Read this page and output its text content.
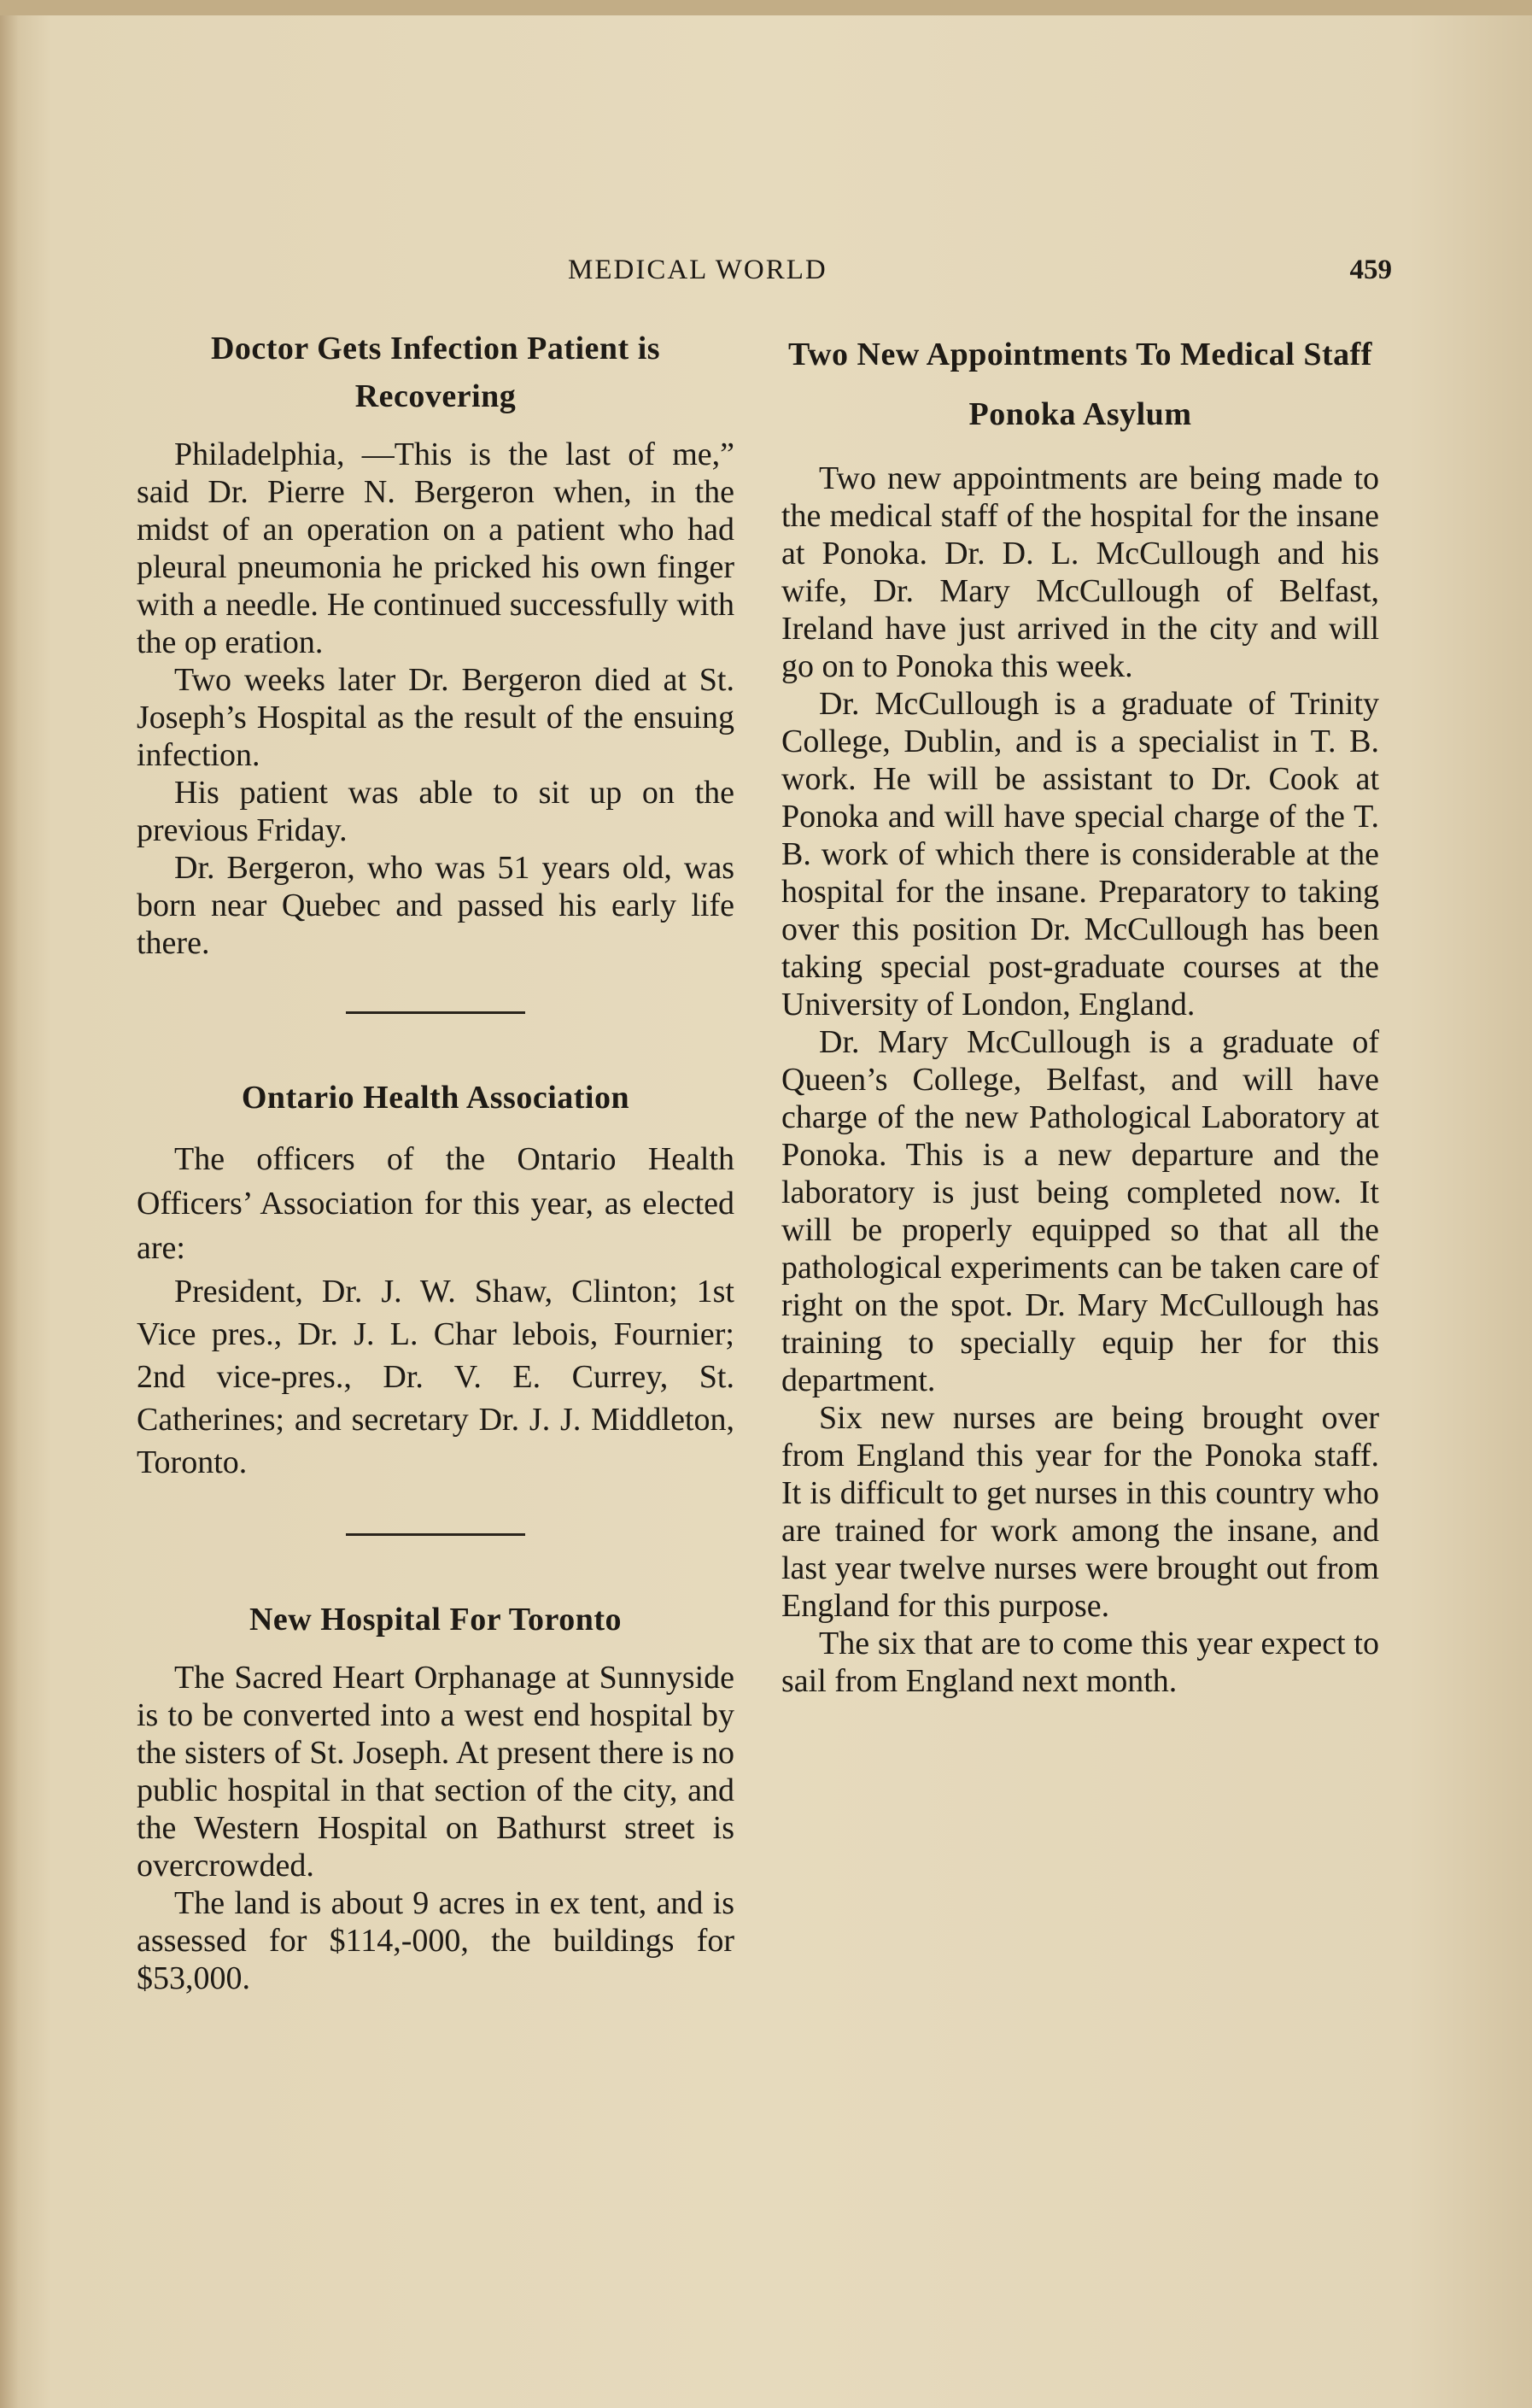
MEDICAL WORLD	459
Doctor Gets Infection Patient is Recovering

Philadelphia, —This is the last of me,” said Dr. Pierre N. Bergeron when, in the midst of an operation on a patient who had pleural pneumonia he pricked his own finger with a needle. He continued successfully with the op eration.

Two weeks later Dr. Bergeron died at St. Joseph’s Hospital as the result of the ensuing infection.

His patient was able to sit up on the previous Friday.

Dr. Bergeron, who was 51 years old, was born near Quebec and passed his early life there.

Ontario Health Association

The officers of the Ontario Health Officers’ Association for this year, as elected are:

President, Dr. J. W. Shaw, Clinton; 1st Vice pres., Dr. J. L. Char lebois, Fournier; 2nd vice-pres., Dr. V. E. Currey, St. Catherines; and secretary Dr. J. J. Middleton, Toronto.

New Hospital For Toronto

The Sacred Heart Orphanage at Sunnyside is to be converted into a west end hospital by the sisters of St. Joseph. At present there is no public hospital in that section of the city, and the Western Hospital on Bathurst street is overcrowded.

The land is about 9 acres in ex tent, and is assessed for $114,-000, the buildings for $53,000.

Two New Appointments To Medical Staff Ponoka Asylum

Two new appointments are being made to the medical staff of the hospital for the insane at Ponoka. Dr. D. L. McCullough and his wife, Dr. Mary McCullough of Belfast, Ireland have just arrived in the city and will go on to Ponoka this week.

Dr. McCullough is a graduate of Trinity College, Dublin, and is a specialist in T. B. work. He will be assistant to Dr. Cook at Ponoka and will have special charge of the T. B. work of which there is considerable at the hospital for the insane. Preparatory to taking over this position Dr. McCullough has been taking special post-graduate courses at the University of London, England.

Dr. Mary McCullough is a graduate of Queen’s College, Belfast, and will have charge of the new Pathological Laboratory at Ponoka. This is a new departure and the laboratory is just being completed now. It will be properly equipped so that all the pathological experiments can be taken care of right on the spot. Dr. Mary McCullough has training to specially equip her for this department.

Six new nurses are being brought over from England this year for the Ponoka staff. It is difficult to get nurses in this country who are trained for work among the insane, and last year twelve nurses were brought out from England for this purpose.

The six that are to come this year expect to sail from England next month.
